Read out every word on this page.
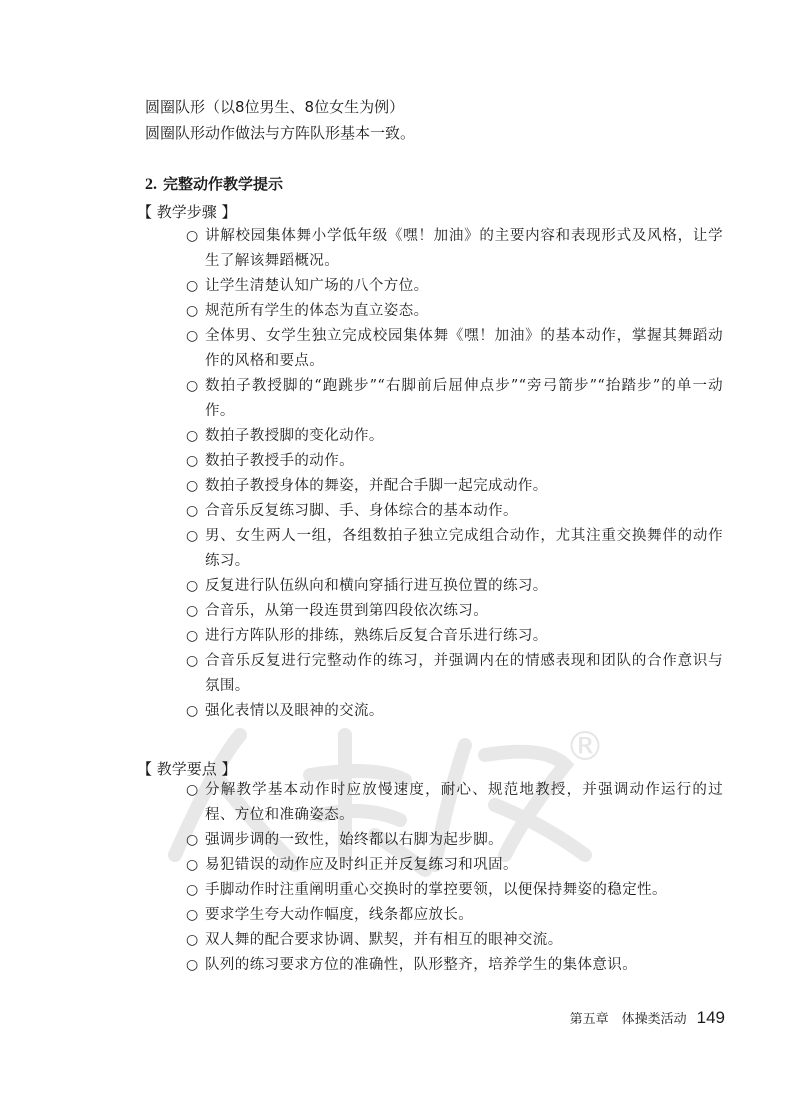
®
圆圈队形（以8位男生、8位女生为例）
圆圈队形动作做法与方阵队形基本一致。
2. 完整动作教学提示
【 教学步骤 】
○ 讲解校园集体舞小学低年级《嘿！加油》的主要内容和表现形式及风格，让学生了解该舞蹈概况。
○ 让学生清楚认知广场的八个方位。
○ 规范所有学生的体态为直立姿态。
○ 全体男、女学生独立完成校园集体舞《嘿！加油》的基本动作，掌握其舞蹈动作的风格和要点。
○ 数拍子教授脚的“跑跳步”“右脚前后屈伸点步”“旁弓箭步”“抬踏步”的单一动作。
○ 数拍子教授脚的变化动作。
○ 数拍子教授手的动作。
○ 数拍子教授身体的舞姿，并配合手脚一起完成动作。
○ 合音乐反复练习脚、手、身体综合的基本动作。
○ 男、女生两人一组，各组数拍子独立完成组合动作，尤其注重交换舞伴的动作练习。
○ 反复进行队伍纵向和横向穿插行进互换位置的练习。
○ 合音乐，从第一段连贯到第四段依次练习。
○ 进行方阵队形的排练，熟练后反复合音乐进行练习。
○ 合音乐反复进行完整动作的练习，并强调内在的情感表现和团队的合作意识与氛围。
○ 强化表情以及眼神的交流。
【 教学要点 】
○ 分解教学基本动作时应放慢速度，耐心、规范地教授，并强调动作运行的过程、方位和准确姿态。
○ 强调步调的一致性，始终都以右脚为起步脚。
○ 易犯错误的动作应及时纠正并反复练习和巩固。
○ 手脚动作时注重阐明重心交换时的掌控要领，以便保持舞姿的稳定性。
○ 要求学生夸大动作幅度，线条都应放长。
○ 双人舞的配合要求协调、默契，并有相互的眼神交流。
○ 队列的练习要求方位的准确性，队形整齐，培养学生的集体意识。
第五章　体操类活动 149
